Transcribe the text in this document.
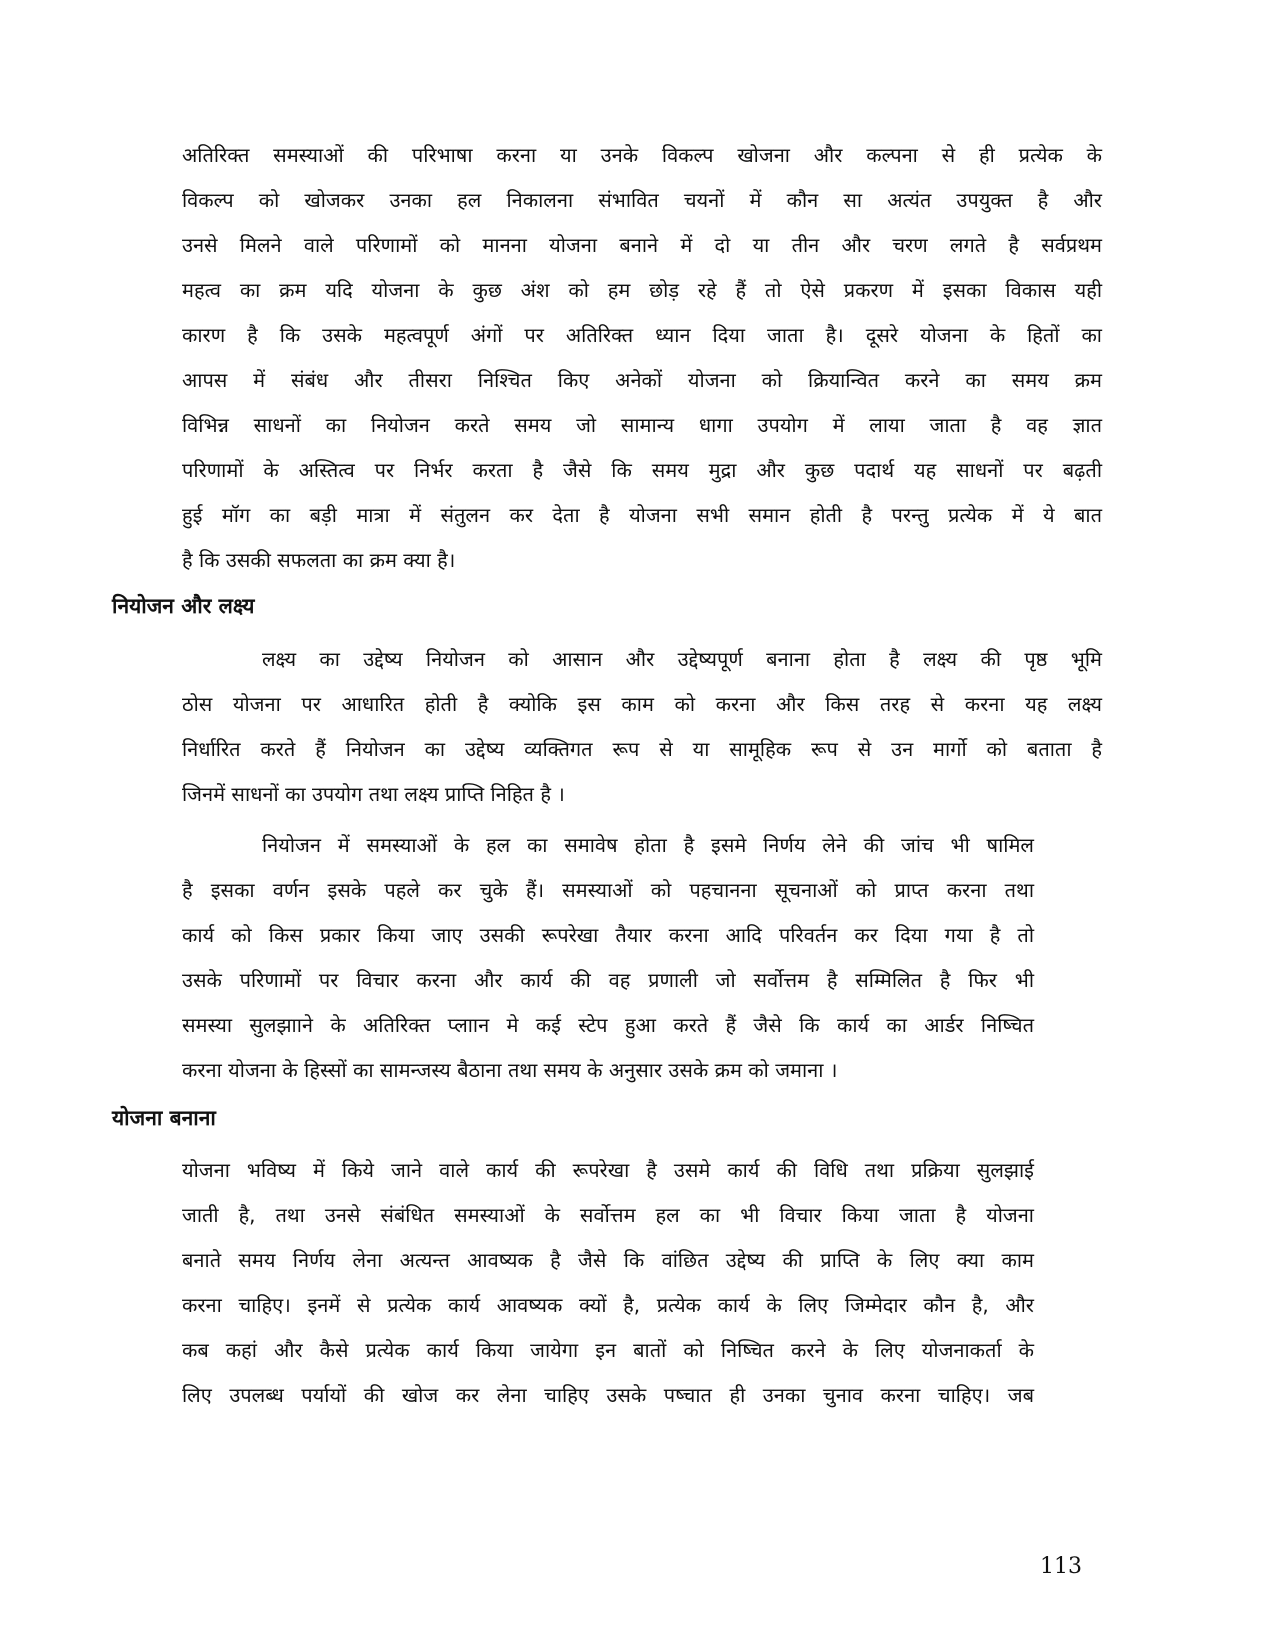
अतिरिक्त समस्याओं की परिभाषा करना या उनके विकल्प खोजना और कल्पना से ही प्रत्येक के
विकल्प को खोजकर उनका हल निकालना संभावित चयनों में कौन सा अत्यंत उपयुक्त है और
उनसे मिलने वाले परिणामों को मानना योजना बनाने में दो या तीन और चरण लगते है सर्वप्रथम
महत्व का क्रम यदि योजना के कुछ अंश को हम छोड़ रहे हैं तो ऐसे प्रकरण में इसका विकास यही
कारण है कि उसके महत्वपूर्ण अंगों पर अतिरिक्त ध्यान दिया जाता है। दूसरे योजना के हितों का
आपस में संबंध और तीसरा निश्चित किए अनेकों योजना को क्रियान्वित करने का समय क्रम
विभिन्न साधनों का नियोजन करते समय जो सामान्य धागा उपयोग में लाया जाता है वह ज्ञात
परिणामों के अस्तित्व पर निर्भर करता है जैसे कि समय मुद्रा और कुछ पदार्थ यह साधनों पर बढ़ती
हुई मॉग का बड़ी मात्रा में संतुलन कर देता है योजना सभी समान होती है परन्तु प्रत्येक में ये बात
है कि उसकी सफलता का क्रम क्या है।
नियोजन और लक्ष्य
लक्ष्य का उद्देष्य नियोजन को आसान और उद्देष्यपूर्ण बनाना होता है लक्ष्य की पृष्ठ भूमि
ठोस योजना पर आधारित होती है क्योकि इस काम को करना और किस तरह से करना यह लक्ष्य
निर्धारित करते हैं नियोजन का उद्देष्य व्यक्तिगत रूप से या सामूहिक रूप से उन मार्गो को बताता है
जिनमें साधनों का उपयोग तथा लक्ष्य प्राप्ति निहित है ।
नियोजन में समस्याओं के हल का समावेष होता है इसमे निर्णय लेने की जांच भी षामिल
है इसका वर्णन इसके पहले कर चुके हैं। समस्याओं को पहचानना सूचनाओं को प्राप्त करना तथा
कार्य को किस प्रकार किया जाए उसकी रूपरेखा तैयार करना आदि परिवर्तन कर दिया गया है तो
उसके परिणामों पर विचार करना और कार्य की वह प्रणाली जो सर्वोत्तम है सम्मिलित है फिर भी
समस्या सुलझााने के अतिरिक्त प्लाान मे कई स्टेप हुआ करते हैं जैसे कि कार्य का आर्डर निष्चित
करना योजना के हिस्सों का सामन्जस्य बैठाना तथा समय के अनुसार उसके क्रम को जमाना ।
योजना बनाना
योजना भविष्य में किये जाने वाले कार्य की रूपरेखा है उसमे कार्य की विधि तथा प्रक्रिया सुलझाई
जाती है, तथा उनसे संबंधित समस्याओं के सर्वोत्तम हल का भी विचार किया जाता है योजना
बनाते समय निर्णय लेना अत्यन्त आवष्यक है जैसे कि वांछित उद्देष्य की प्राप्ति के लिए क्या काम
करना चाहिए। इनमें से प्रत्येक कार्य आवष्यक क्यों है, प्रत्येक कार्य के लिए जिम्मेदार कौन है, और
कब कहां और कैसे प्रत्येक कार्य किया जायेगा इन बातों को निष्चित करने के लिए योजनाकर्ता के
लिए उपलब्ध पर्यायों की खोज कर लेना चाहिए उसके पष्चात ही उनका चुनाव करना चाहिए। जब
113
